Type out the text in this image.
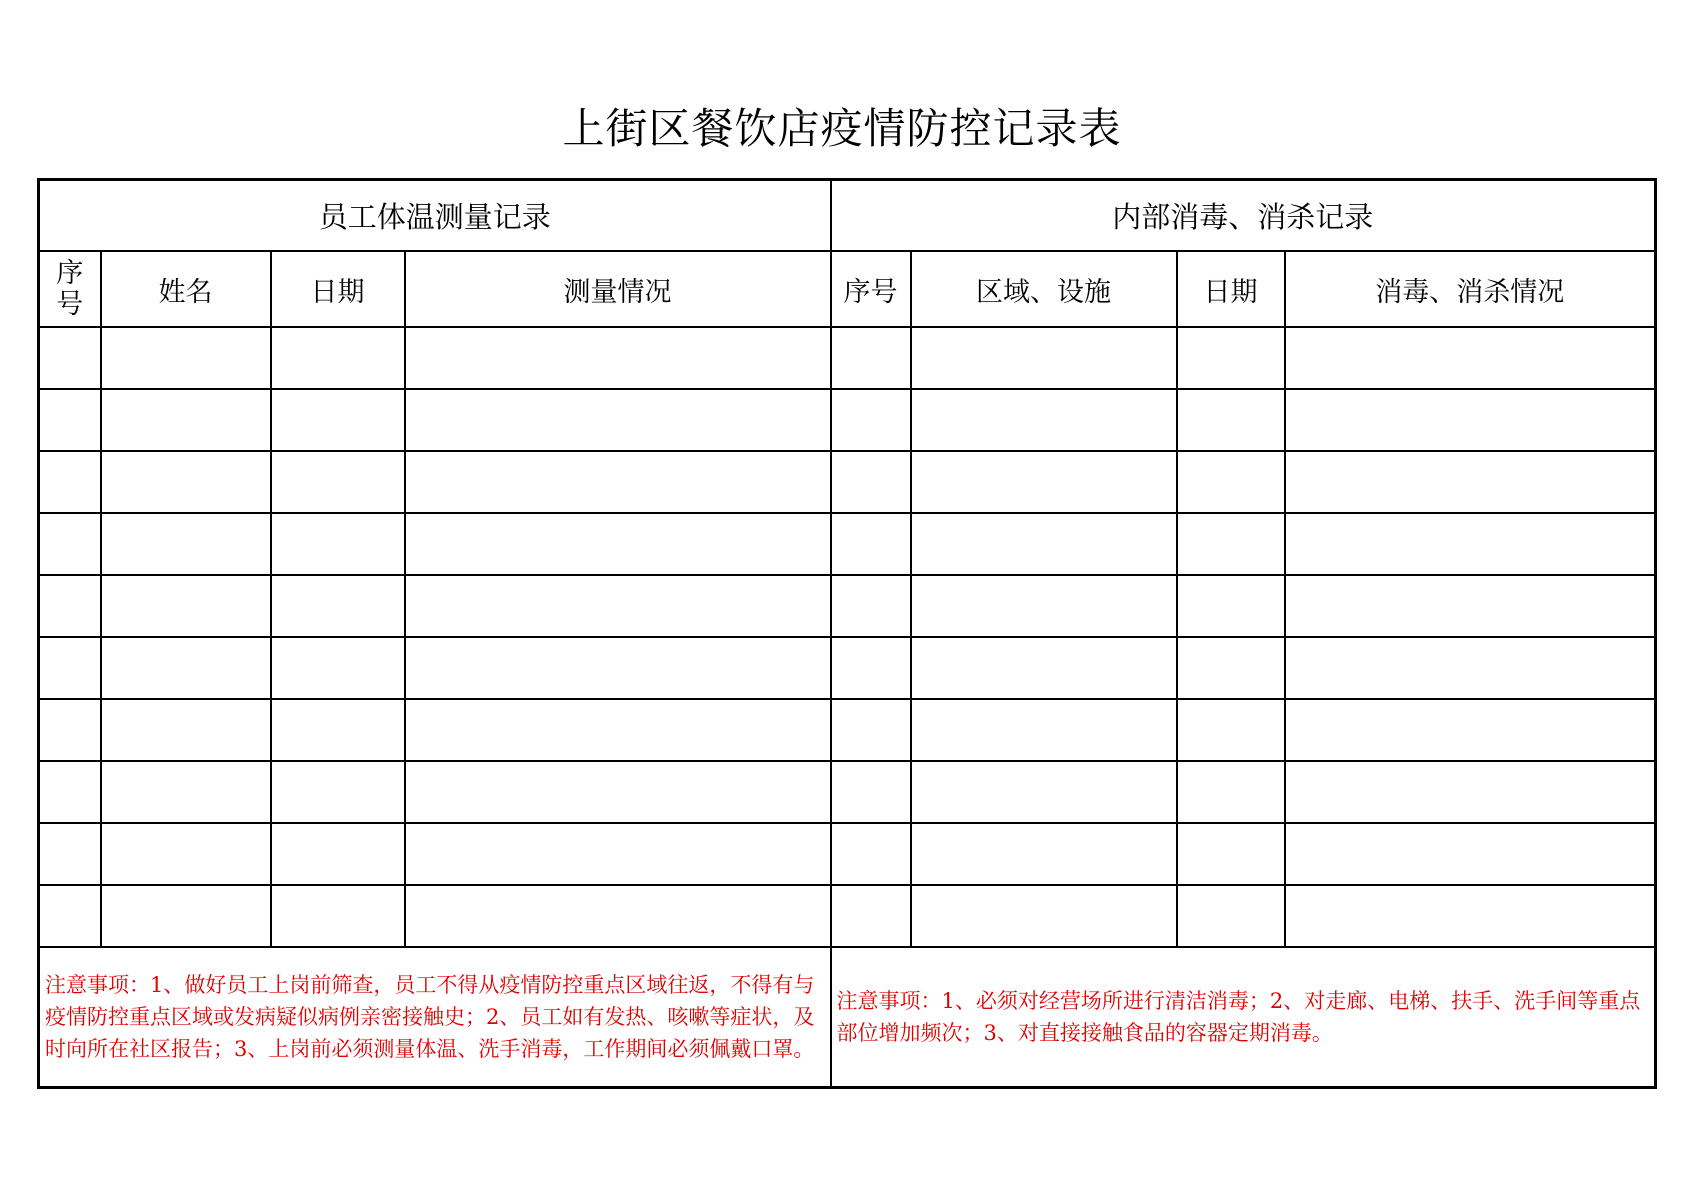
上街区餐饮店疫情防控记录表
员工体温测量记录				内部消毒、消杀记录			
序号	姓名	日期	测量情况	序号	区域、设施	日期	消毒、消杀情况

注意事项：1、做好员工上岗前筛查，员工不得从疫情防控重点区域往返，不得有与疫情防控重点区域或发病疑似病例亲密接触史；2、员工如有发热、咳嗽等症状，及时向所在社区报告；3、上岗前必须测量体温、洗手消毒，工作期间必须佩戴口罩。				注意事项：1、必须对经营场所进行清洁消毒；2、对走廊、电梯、扶手、洗手间等重点部位增加频次；3、对直接接触食品的容器定期消毒。			
